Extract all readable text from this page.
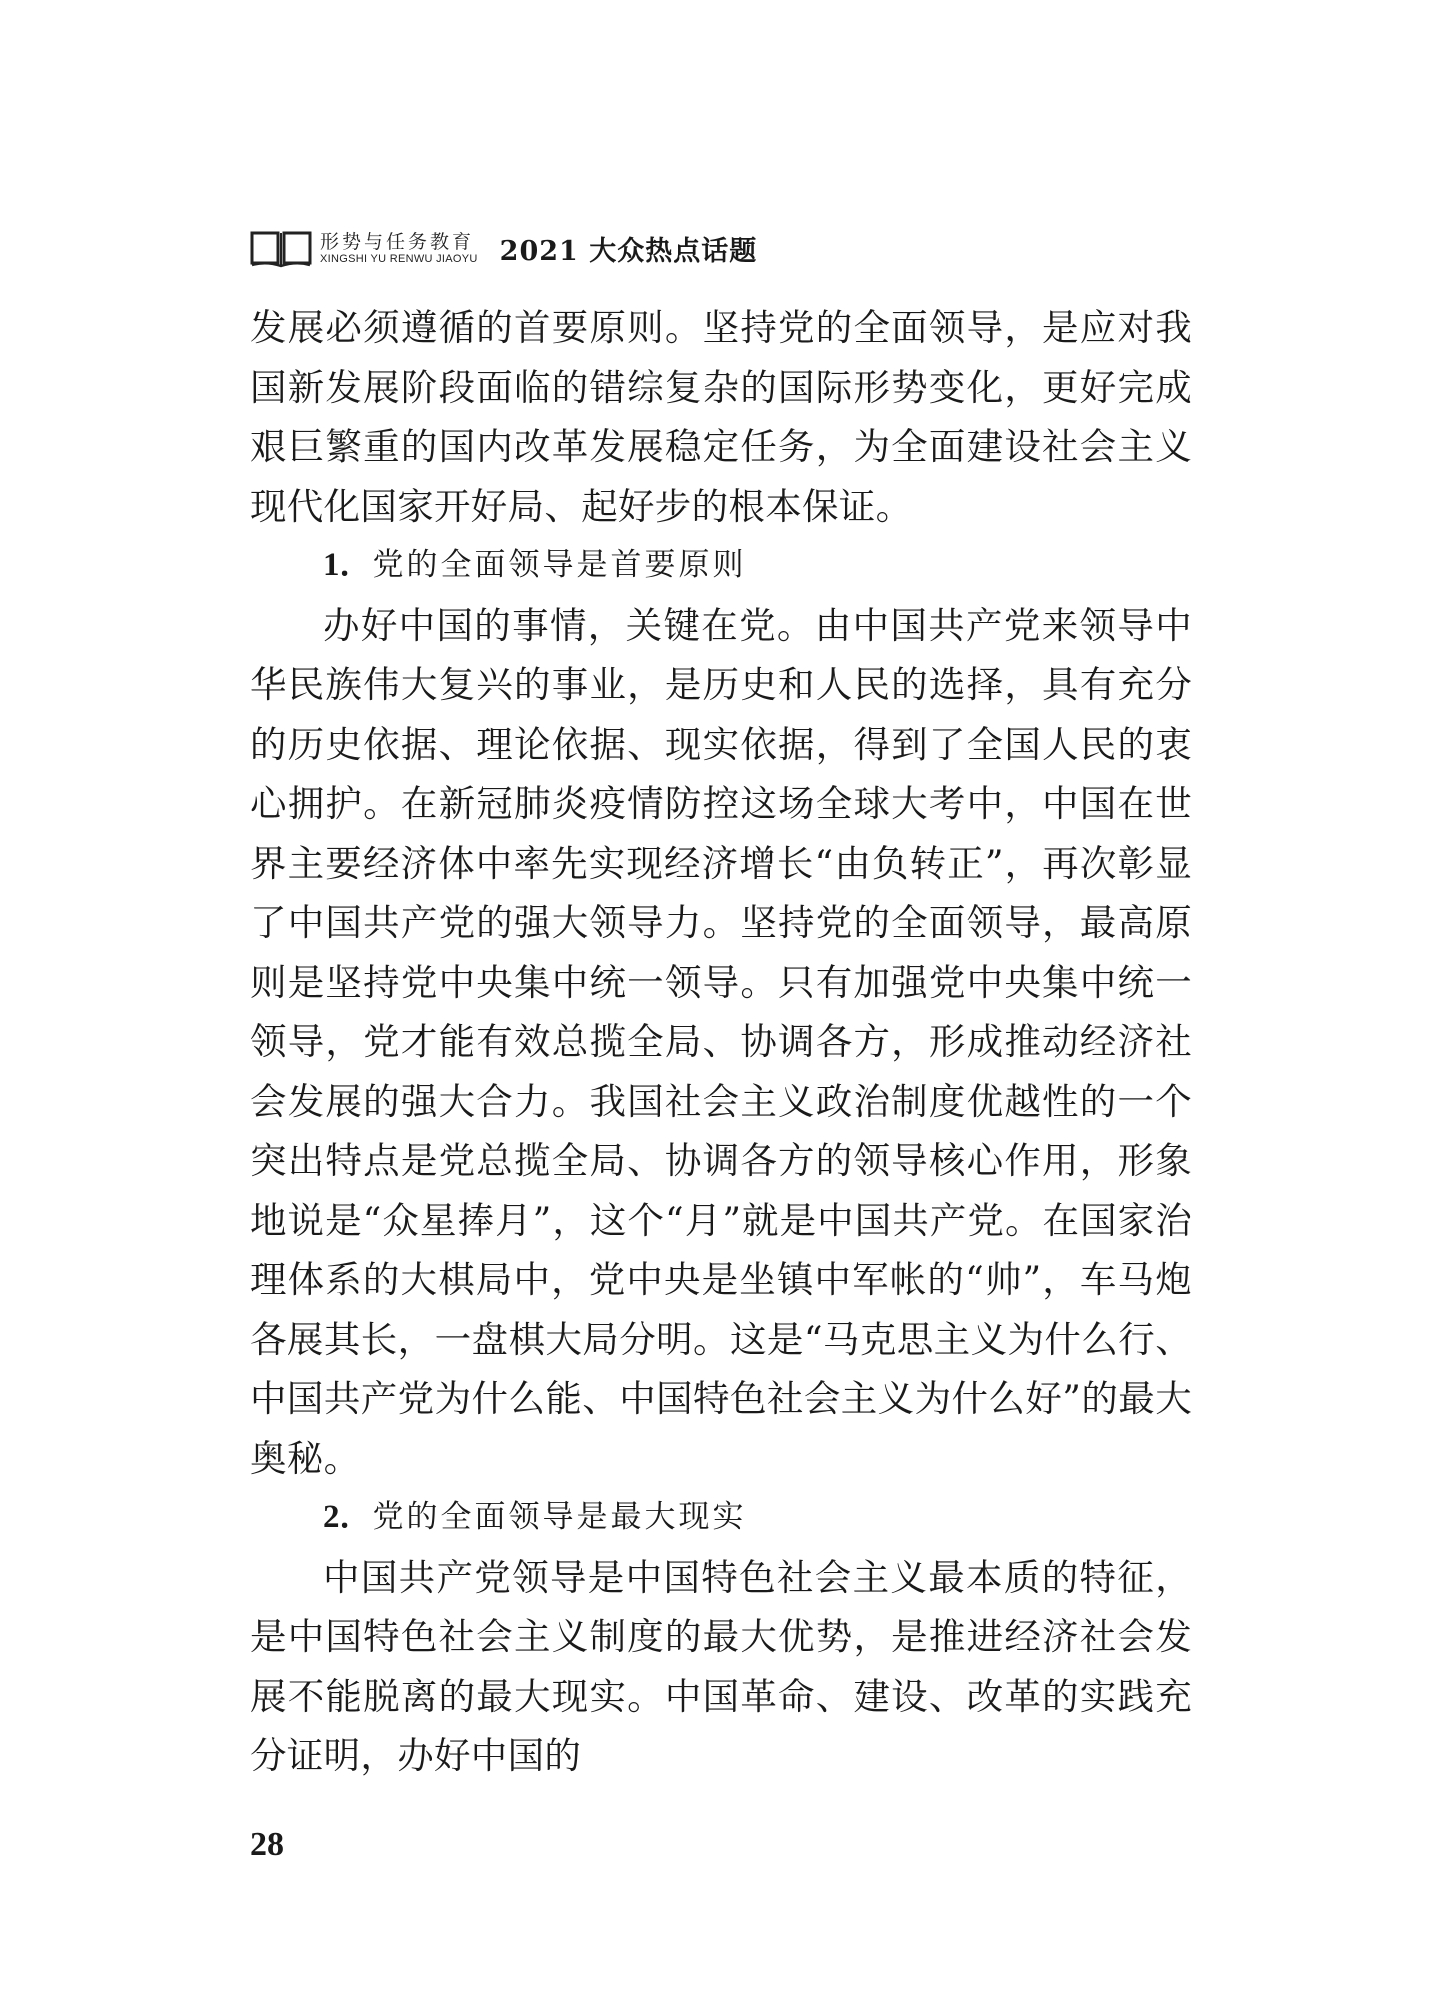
形势与任务教育
XINGSHI YU RENWU JIAOYU 2021 大众热点话题

发展必须遵循的首要原则。坚持党的全面领导，是应对我国新发展阶段面临的错综复杂的国际形势变化，更好完成艰巨繁重的国内改革发展稳定任务，为全面建设社会主义现代化国家开好局、起好步的根本保证。

1．党的全面领导是首要原则

办好中国的事情，关键在党。由中国共产党来领导中华民族伟大复兴的事业，是历史和人民的选择，具有充分的历史依据、理论依据、现实依据，得到了全国人民的衷心拥护。在新冠肺炎疫情防控这场全球大考中，中国在世界主要经济体中率先实现经济增长“由负转正”，再次彰显了中国共产党的强大领导力。坚持党的全面领导，最高原则是坚持党中央集中统一领导。只有加强党中央集中统一领导，党才能有效总揽全局、协调各方，形成推动经济社会发展的强大合力。我国社会主义政治制度优越性的一个突出特点是党总揽全局、协调各方的领导核心作用，形象地说是“众星捧月”，这个“月”就是中国共产党。在国家治理体系的大棋局中，党中央是坐镇中军帐的“帅”，车马炮各展其长，一盘棋大局分明。这是“马克思主义为什么行、中国共产党为什么能、中国特色社会主义为什么好”的最大奥秘。

2．党的全面领导是最大现实

中国共产党领导是中国特色社会主义最本质的特征，是中国特色社会主义制度的最大优势，是推进经济社会发展不能脱离的最大现实。中国革命、建设、改革的实践充分证明，办好中国的

28
